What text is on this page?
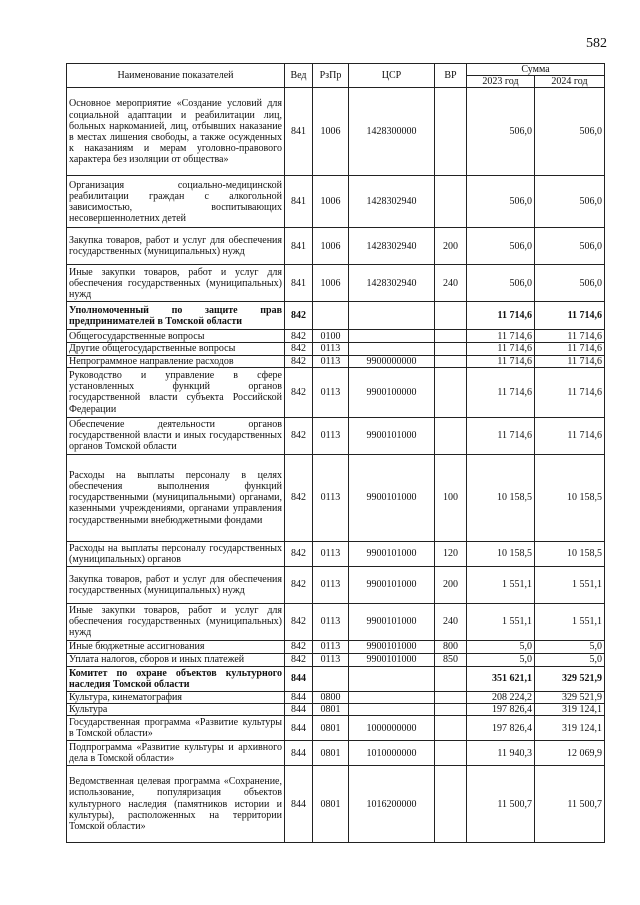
582
Наименование показателей	Вед	РзПр	ЦСР	ВР	Сумма	
					2023 год	2024 год
Основное мероприятие «Создание условий для социальной адаптации и реабилитации лиц, больных наркоманией, лиц, отбывших наказание в местах лишения свободы, а также осужденных к наказаниям и мерам уголовно-правового характера без изоляции от общества»	841	1006	1428300000		506,0	506,0
Организация социально-медицинской реабилитации граждан с алкогольной зависимостью, воспитывающих несовершеннолетних детей	841	1006	1428302940		506,0	506,0
Закупка товаров, работ и услуг для обеспечения государственных (муниципальных) нужд	841	1006	1428302940	200	506,0	506,0
Иные закупки товаров, работ и услуг для обеспечения государственных (муниципальных) нужд	841	1006	1428302940	240	506,0	506,0
Уполномоченный по защите прав предпринимателей в Томской области	842				11 714,6	11 714,6
Общегосударственные вопросы	842	0100			11 714,6	11 714,6
Другие общегосударственные вопросы	842	0113			11 714,6	11 714,6
Непрограммное направление расходов	842	0113	9900000000		11 714,6	11 714,6
Руководство и управление в сфере установленных функций органов государственной власти субъекта Российской Федерации	842	0113	9900100000		11 714,6	11 714,6
Обеспечение деятельности органов государственной власти и иных государственных органов Томской области	842	0113	9900101000		11 714,6	11 714,6
Расходы на выплаты персоналу в целях обеспечения выполнения функций государственными (муниципальными) органами, казенными учреждениями, органами управления государственными внебюджетными фондами	842	0113	9900101000	100	10 158,5	10 158,5
Расходы на выплаты персоналу государственных (муниципальных) органов	842	0113	9900101000	120	10 158,5	10 158,5
Закупка товаров, работ и услуг для обеспечения государственных (муниципальных) нужд	842	0113	9900101000	200	1 551,1	1 551,1
Иные закупки товаров, работ и услуг для обеспечения государственных (муниципальных) нужд	842	0113	9900101000	240	1 551,1	1 551,1
Иные бюджетные ассигнования	842	0113	9900101000	800	5,0	5,0
Уплата налогов, сборов и иных платежей	842	0113	9900101000	850	5,0	5,0
Комитет по охране объектов культурного наследия Томской области	844				351 621,1	329 521,9
Культура, кинематография	844	0800			208 224,2	329 521,9
Культура	844	0801			197 826,4	319 124,1
Государственная программа «Развитие культуры в Томской области»	844	0801	1000000000		197 826,4	319 124,1
Подпрограмма «Развитие культуры и архивного дела в Томской области»	844	0801	1010000000		11 940,3	12 069,9
Ведомственная целевая программа «Сохранение, использование, популяризация объектов культурного наследия (памятников истории и культуры), расположенных на территории Томской области»	844	0801	1016200000		11 500,7	11 500,7
